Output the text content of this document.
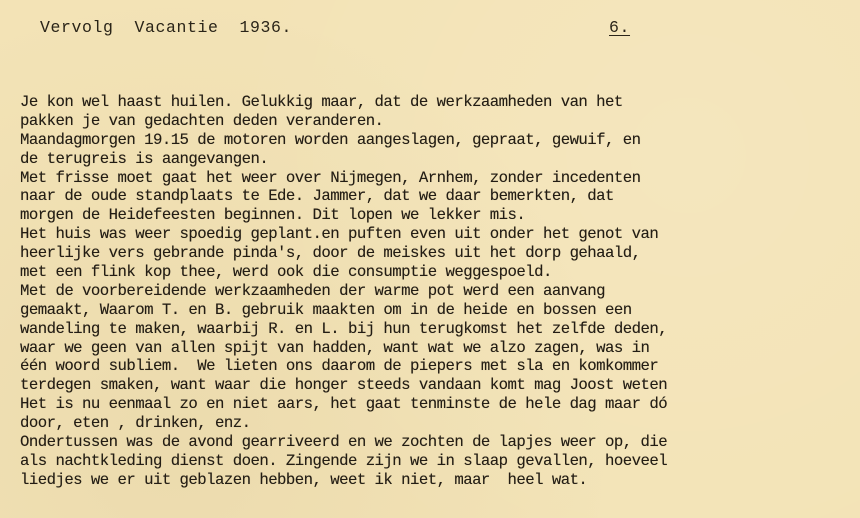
Vervolg  Vacantie  1936.

	6.

Je kon wel haast huilen. Gelukkig maar, dat de werkzaamheden van het
pakken je van gedachten deden veranderen.
Maandagmorgen 19.15 de motoren worden aangeslagen, gepraat, gewuif, en
de terugreis is aangevangen.
Met frisse moet gaat het weer over Nijmegen, Arnhem, zonder incedenten
naar de oude standplaats te Ede. Jammer, dat we daar bemerkten, dat
morgen de Heidefeesten beginnen. Dit lopen we lekker mis.
Het huis was weer spoedig geplant.en puften even uit onder het genot van
heerlijke vers gebrande pinda's, door de meiskes uit het dorp gehaald,
met een flink kop thee, werd ook die consumptie weggespoeld.
Met de voorbereidende werkzaamheden der warme pot werd een aanvang
gemaakt, Waarom T. en B. gebruik maakten om in de heide en bossen een
wandeling te maken, waarbij R. en L. bij hun terugkomst het zelfde deden,
waar we geen van allen spijt van hadden, want wat we alzo zagen, was in
één woord subliem.  We lieten ons daarom de piepers met sla en komkommer
terdegen smaken, want waar die honger steeds vandaan komt mag Joost weten
Het is nu eenmaal zo en niet aars, het gaat tenminste de hele dag maar dó
door, eten , drinken, enz.
Ondertussen was de avond gearriveerd en we zochten de lapjes weer op, die
als nachtkleding dienst doen. Zingende zijn we in slaap gevallen, hoeveel
liedjes we er uit geblazen hebben, weet ik niet, maar  heel wat.
